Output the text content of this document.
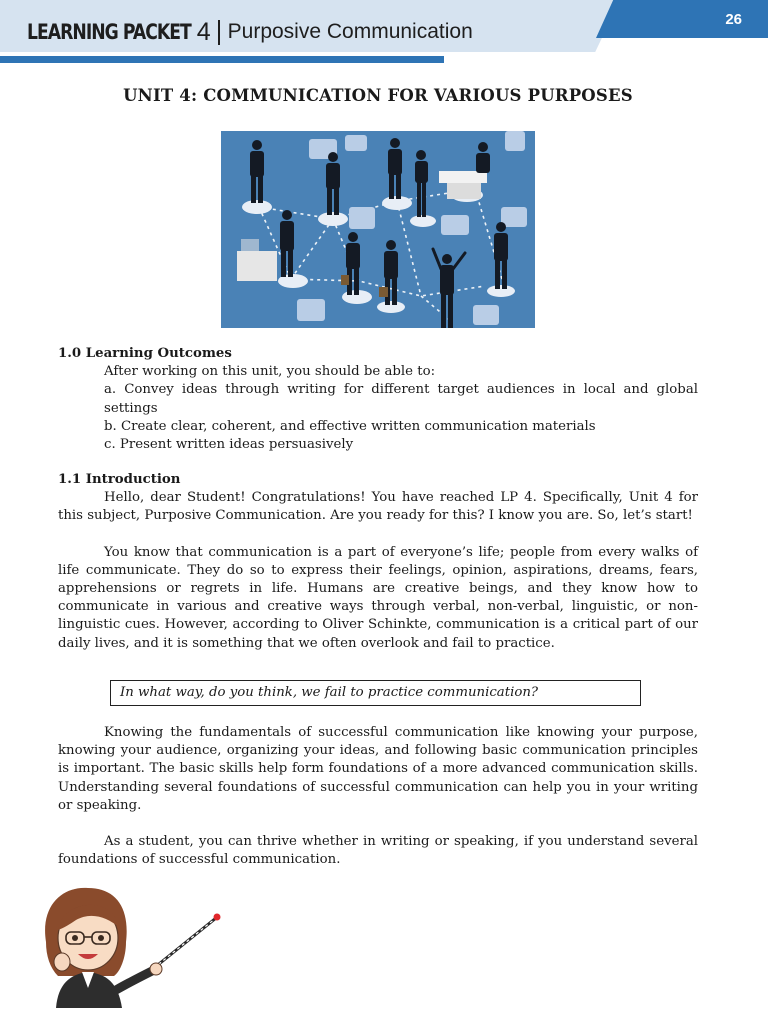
26
LEARNING PACKET 4 Purposive Communication
UNIT 4: COMMUNICATION FOR VARIOUS PURPOSES
1.0 Learning Outcomes
After working on this unit, you should be able to:
a. Convey ideas through writing for different target audiences in local and global settings
b. Create clear, coherent, and effective written communication materials
c. Present written ideas persuasively
1.1 Introduction

Hello, dear Student! Congratulations! You have reached LP 4. Specifically, Unit 4 for this subject, Purposive Communication. Are you ready for this? I know you are. So, let’s start!

You know that communication is a part of everyone’s life; people from every walks of life communicate. They do so to express their feelings, opinion, aspirations, dreams, fears, apprehensions or regrets in life. Humans are creative beings, and they know how to communicate in various and creative ways through verbal, non-verbal, linguistic, or non-linguistic cues. However, according to Oliver Schinkte, communication is a critical part of our daily lives, and it is something that we often overlook and fail to practice.

In what way, do you think, we fail to practice communication?

Knowing the fundamentals of successful communication like knowing your purpose, knowing your audience, organizing your ideas, and following basic communication principles is important. The basic skills help form foundations of a more advanced communication skills. Understanding several foundations of successful communication can help you in your writing or speaking.

As a student, you can thrive whether in writing or speaking, if you understand several foundations of successful communication.
